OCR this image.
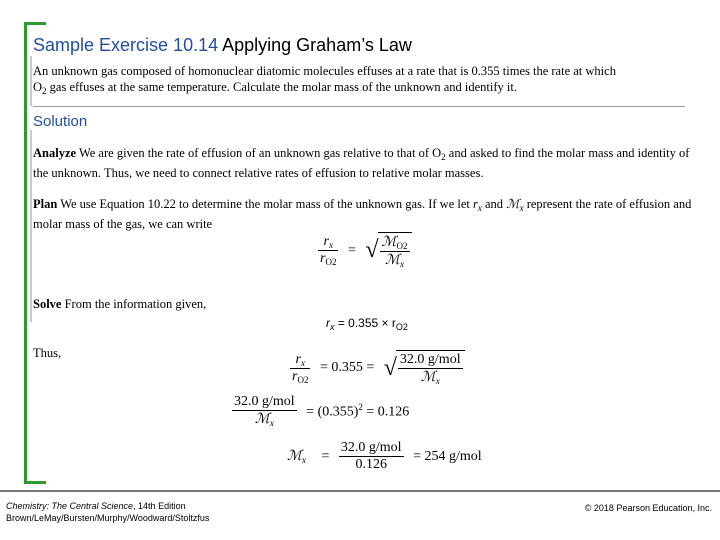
Sample Exercise 10.14 Applying Graham’s Law
An unknown gas composed of homonuclear diatomic molecules effuses at a rate that is 0.355 times the rate at which
$O_2$ gas effuses at the same temperature. Calculate the molar mass of the unknown and identify it.
Solution
Analyze We are given the rate of effusion of an unknown gas relative to that of $O_2$ and asked to find the molar mass and identity of the unknown. Thus, we need to connect relative rates of effusion to relative molar masses.
Plan We use Equation 10.22 to determine the molar mass of the unknown gas. If we let $r_x$ and ℳ$_x$ represent the rate of effusion and molar mass of the gas, we can write
$\frac{r_x}{r_{O2}}$ = √ $\frac{ℳ_{O2}}{ℳ_x}$
Solve From the information given,
$r_x = 0.355 \times r_{O2}$
Thus,	$\frac{r_x}{r_{O2}} = 0.355$ = √ $\frac{\text{32.0 g/mol}}{ℳ_x}$
$\frac{\text{32.0 g/mol}}{ℳ_x} = (0.355)^2 = 0.126$
ℳ$_x$ = $\frac{\text{32.0 g/mol}}{0.126} = 254$ g/mol
Chemistry: The Central Science, 14th Edition
Brown/LeMay/Bursten/Murphy/Woodward/Stoltzfus
© 2018 Pearson Education, Inc.
